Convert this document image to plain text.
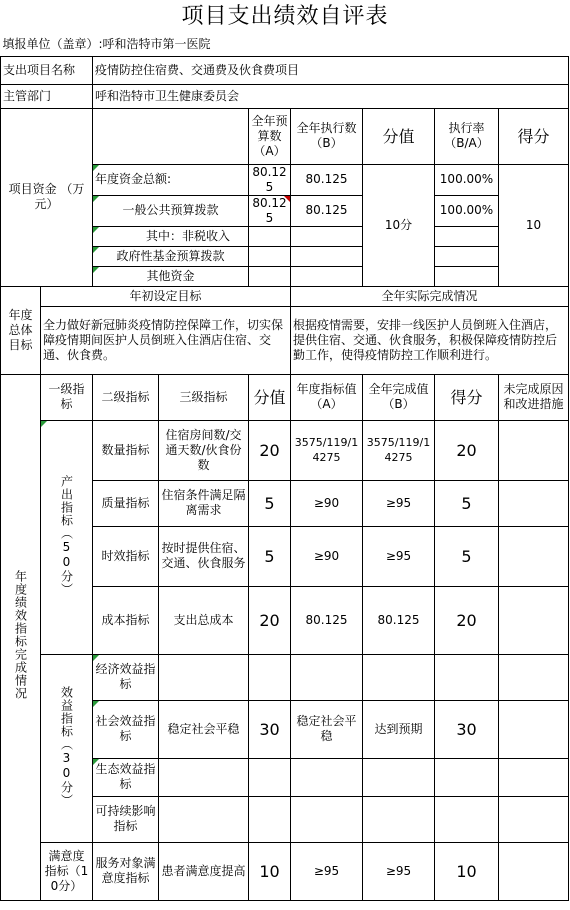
项目支出绩效自评表
填报单位（盖章）:呼和浩特市第一医院								
支出项目名称		疫情防控住宿费、交通费及伙食费项目						
主管部门		呼和浩特市卫生健康委员会						
项目资金 （万元）				全年预算数（A）	全年执行数（B）	分值	执行率（B/A）	得分
		年度资金总额:		80.125	80.125	10分	100.00%	10
		一般公共预算拨款		80.125	80.125		100.00%	
		其中：非税收入						
		政府性基金预算拨款						
		其他资金						
年度总体目标	年初设定目标				全年实际完成情况			
	全力做好新冠肺炎疫情防控保障工作，切实保障疫情期间医护人员倒班入住酒店住宿、交通、伙食费。				根据疫情需要，安排一线医护人员倒班入住酒店，提供住宿、交通、伙食服务，积极保障疫情防控后勤工作，使得疫情防控工作顺利进行。			
年度绩效指标完成情况	一级指标	二级指标	三级指标	分值	年度指标值（A）	全年完成值（B）	得分	未完成原因和改进措施
	产出指标（50分）	数量指标	住宿房间数/交通天数/伙食份数	20	3575/119/14275	3575/119/14275	20	
		质量指标	住宿条件满足隔离需求	5	≥90	≥95	5	
		时效指标	按时提供住宿、交通、伙食服务	5	≥90	≥95	5	
		成本指标	支出总成本	20	80.125	80.125	20	
	效益指标（30分）	经济效益指标						
		社会效益指标	稳定社会平稳	30	稳定社会平稳	达到预期	30	
		生态效益指标						
		可持续影响指标						
	满意度指标（10分）	服务对象满意度指标	患者满意度提高	10	≥95	≥95	10	
